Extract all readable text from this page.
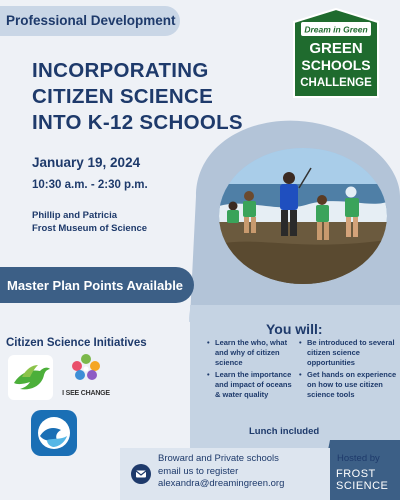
Professional Development
Dream in Green
GREEN
SCHOOLS
CHALLENGE
INCORPORATING
CITIZEN SCIENCE
INTO K-12 SCHOOLS
January 19, 2024
10:30 a.m. - 2:30 p.m.
Phillip and Patricia
Frost Museum of Science
Master Plan Points Available
Citizen Science Initiatives
I SEE CHANGE
You will:
• Learn the who, what and why of citizen science
• Learn the importance and impact of oceans & water quality
• Be introduced to several citizen science opportunities
• Get hands on experience on how to use citizen science tools
Lunch included
Broward and Private schools
email us to register
alexandra@dreamingreen.org
Hosted by
FROST
SCIENCE
